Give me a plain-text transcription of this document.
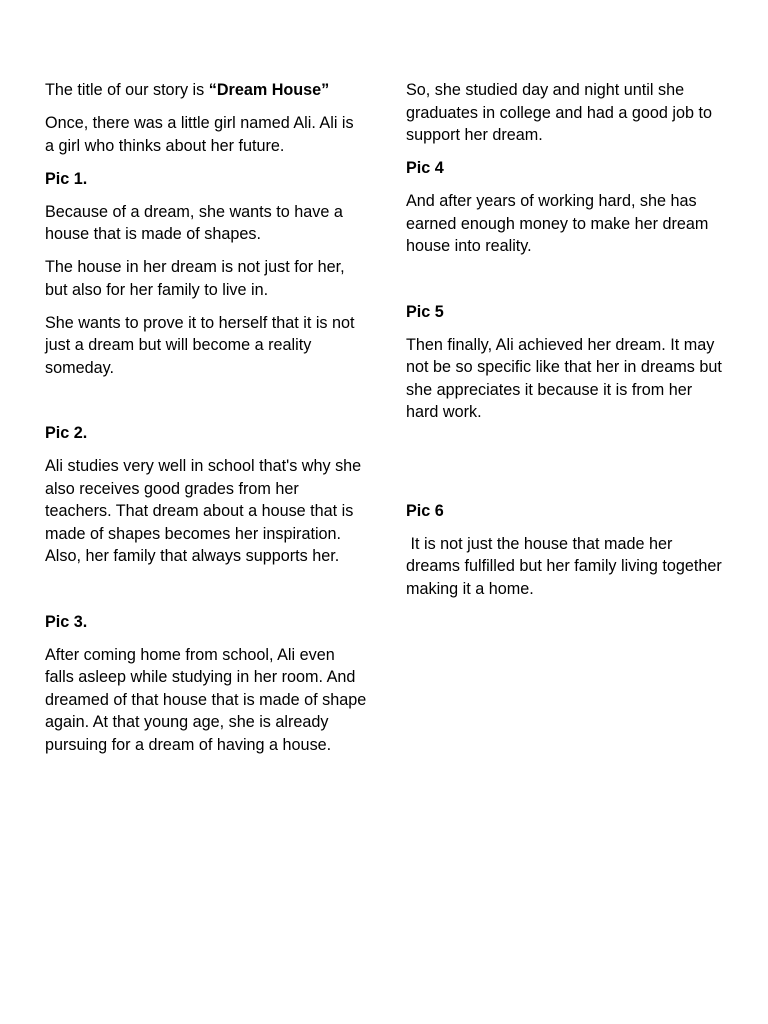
The title of our story is “Dream House”

Once, there was a little girl named Ali. Ali is a girl who thinks about her future.

Pic 1.

Because of a dream, she wants to have a house that is made of shapes.

The house in her dream is not just for her, but also for her family to live in.

She wants to prove it to herself that it is not just a dream but will become a reality someday.

Pic 2.

Ali studies very well in school that's why she also receives good grades from her teachers. That dream about a house that is made of shapes becomes her inspiration. Also, her family that always supports her.

Pic 3.

After coming home from school, Ali even falls asleep while studying in her room. And dreamed of that house that is made of shape again. At that young age, she is already pursuing for a dream of having a house.

So, she studied day and night until she graduates in college and had a good job to support her dream.

Pic 4

And after years of working hard, she has earned enough money to make her dream house into reality.

Pic 5

Then finally, Ali achieved her dream. It may not be so specific like that her in dreams but she appreciates it because it is from her hard work.

Pic 6

It is not just the house that made her dreams fulfilled but her family living together making it a home.
